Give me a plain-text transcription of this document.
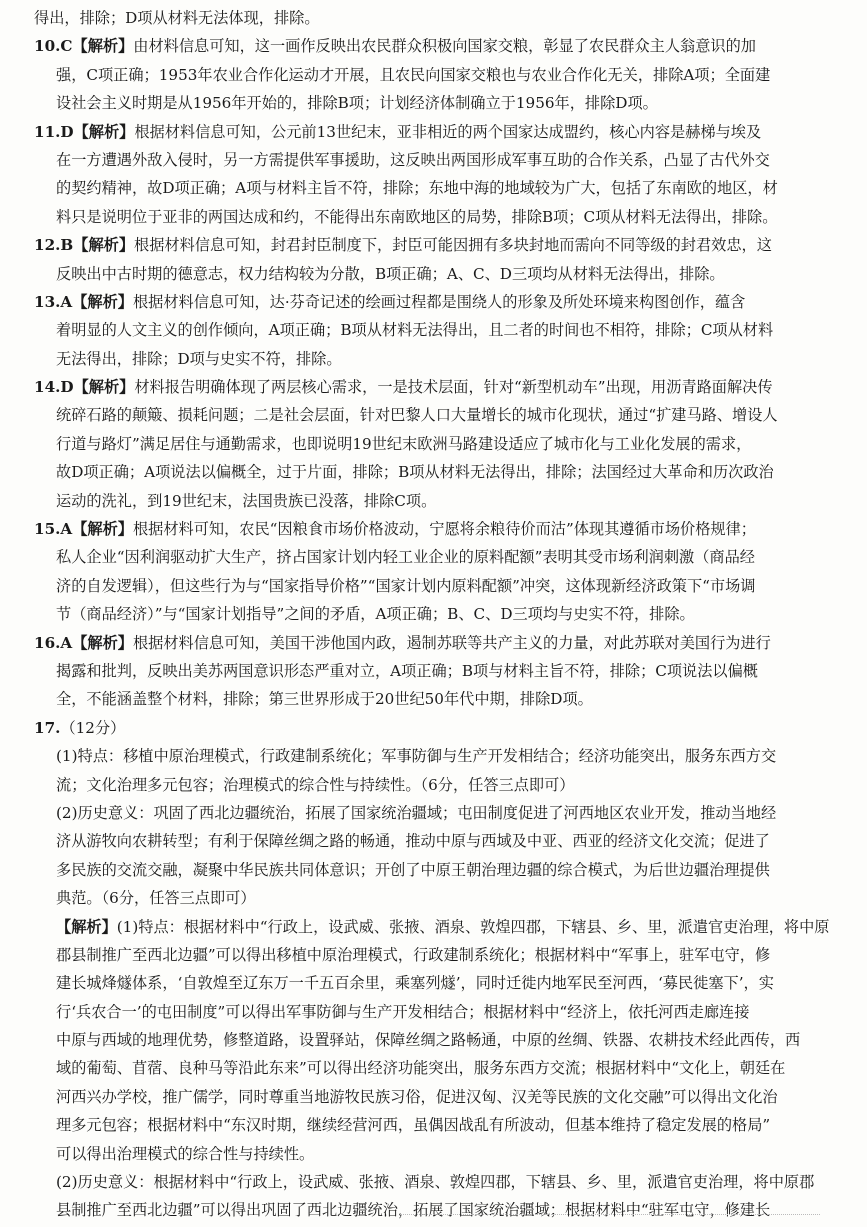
得出，排除；D项从材料无法体现，排除。
10.C【解析】由材料信息可知，这一画作反映出农民群众积极向国家交粮，彰显了农民群众主人翁意识的加
强，C项正确；1953年农业合作化运动才开展，且农民向国家交粮也与农业合作化无关，排除A项；全面建
设社会主义时期是从1956年开始的，排除B项；计划经济体制确立于1956年，排除D项。
11.D【解析】根据材料信息可知，公元前13世纪末，亚非相近的两个国家达成盟约，核心内容是赫梯与埃及
在一方遭遇外敌入侵时，另一方需提供军事援助，这反映出两国形成军事互助的合作关系，凸显了古代外交
的契约精神，故D项正确；A项与材料主旨不符，排除；东地中海的地域较为广大，包括了东南欧的地区，材
料只是说明位于亚非的两国达成和约，不能得出东南欧地区的局势，排除B项；C项从材料无法得出，排除。
12.B【解析】根据材料信息可知，封君封臣制度下，封臣可能因拥有多块封地而需向不同等级的封君效忠，这
反映出中古时期的德意志，权力结构较为分散，B项正确；A、C、D三项均从材料无法得出，排除。
13.A【解析】根据材料信息可知，达·芬奇记述的绘画过程都是围绕人的形象及所处环境来构图创作，蕴含
着明显的人文主义的创作倾向，A项正确；B项从材料无法得出，且二者的时间也不相符，排除；C项从材料
无法得出，排除；D项与史实不符，排除。
14.D【解析】材料报告明确体现了两层核心需求，一是技术层面，针对“新型机动车”出现，用沥青路面解决传
统碎石路的颠簸、损耗问题；二是社会层面，针对巴黎人口大量增长的城市化现状，通过“扩建马路、增设人
行道与路灯”满足居住与通勤需求，也即说明19世纪末欧洲马路建设适应了城市化与工业化发展的需求，
故D项正确；A项说法以偏概全，过于片面，排除；B项从材料无法得出，排除；法国经过大革命和历次政治
运动的洗礼，到19世纪末，法国贵族已没落，排除C项。
15.A【解析】根据材料可知，农民“因粮食市场价格波动，宁愿将余粮待价而沽”体现其遵循市场价格规律；
私人企业“因利润驱动扩大生产，挤占国家计划内轻工业企业的原料配额”表明其受市场利润刺激（商品经
济的自发逻辑），但这些行为与“国家指导价格”“国家计划内原料配额”冲突，这体现新经济政策下“市场调
节（商品经济）”与“国家计划指导”之间的矛盾，A项正确；B、C、D三项均与史实不符，排除。
16.A【解析】根据材料信息可知，美国干涉他国内政，遏制苏联等共产主义的力量，对此苏联对美国行为进行
揭露和批判，反映出美苏两国意识形态严重对立，A项正确；B项与材料主旨不符，排除；C项说法以偏概
全，不能涵盖整个材料，排除；第三世界形成于20世纪50年代中期，排除D项。
17.（12分）
(1)特点：移植中原治理模式，行政建制系统化；军事防御与生产开发相结合；经济功能突出，服务东西方交
流；文化治理多元包容；治理模式的综合性与持续性。（6分，任答三点即可）
(2)历史意义：巩固了西北边疆统治，拓展了国家统治疆域；屯田制度促进了河西地区农业开发，推动当地经
济从游牧向农耕转型；有利于保障丝绸之路的畅通，推动中原与西域及中亚、西亚的经济文化交流；促进了
多民族的交流交融，凝聚中华民族共同体意识；开创了中原王朝治理边疆的综合模式，为后世边疆治理提供
典范。（6分，任答三点即可）
【解析】(1)特点：根据材料中“行政上，设武威、张掖、酒泉、敦煌四郡，下辖县、乡、里，派遣官吏治理，将中原
郡县制推广至西北边疆”可以得出移植中原治理模式，行政建制系统化；根据材料中“军事上，驻军屯守，修
建长城烽燧体系，‘自敦煌至辽东万一千五百余里，乘塞列燧’，同时迁徙内地军民至河西，‘募民徙塞下’，实
行‘兵农合一’的屯田制度”可以得出军事防御与生产开发相结合；根据材料中“经济上，依托河西走廊连接
中原与西域的地理优势，修整道路，设置驿站，保障丝绸之路畅通，中原的丝绸、铁器、农耕技术经此西传，西
域的葡萄、苜蓿、良种马等沿此东来”可以得出经济功能突出，服务东西方交流；根据材料中“文化上，朝廷在
河西兴办学校，推广儒学，同时尊重当地游牧民族习俗，促进汉匈、汉羌等民族的文化交融”可以得出文化治
理多元包容；根据材料中“东汉时期，继续经营河西，虽偶因战乱有所波动，但基本维持了稳定发展的格局”
可以得出治理模式的综合性与持续性。
(2)历史意义：根据材料中“行政上，设武威、张掖、酒泉、敦煌四郡，下辖县、乡、里，派遣官吏治理，将中原郡
县制推广至西北边疆”可以得出巩固了西北边疆统治，拓展了国家统治疆域；根据材料中“驻军屯守，修建长
